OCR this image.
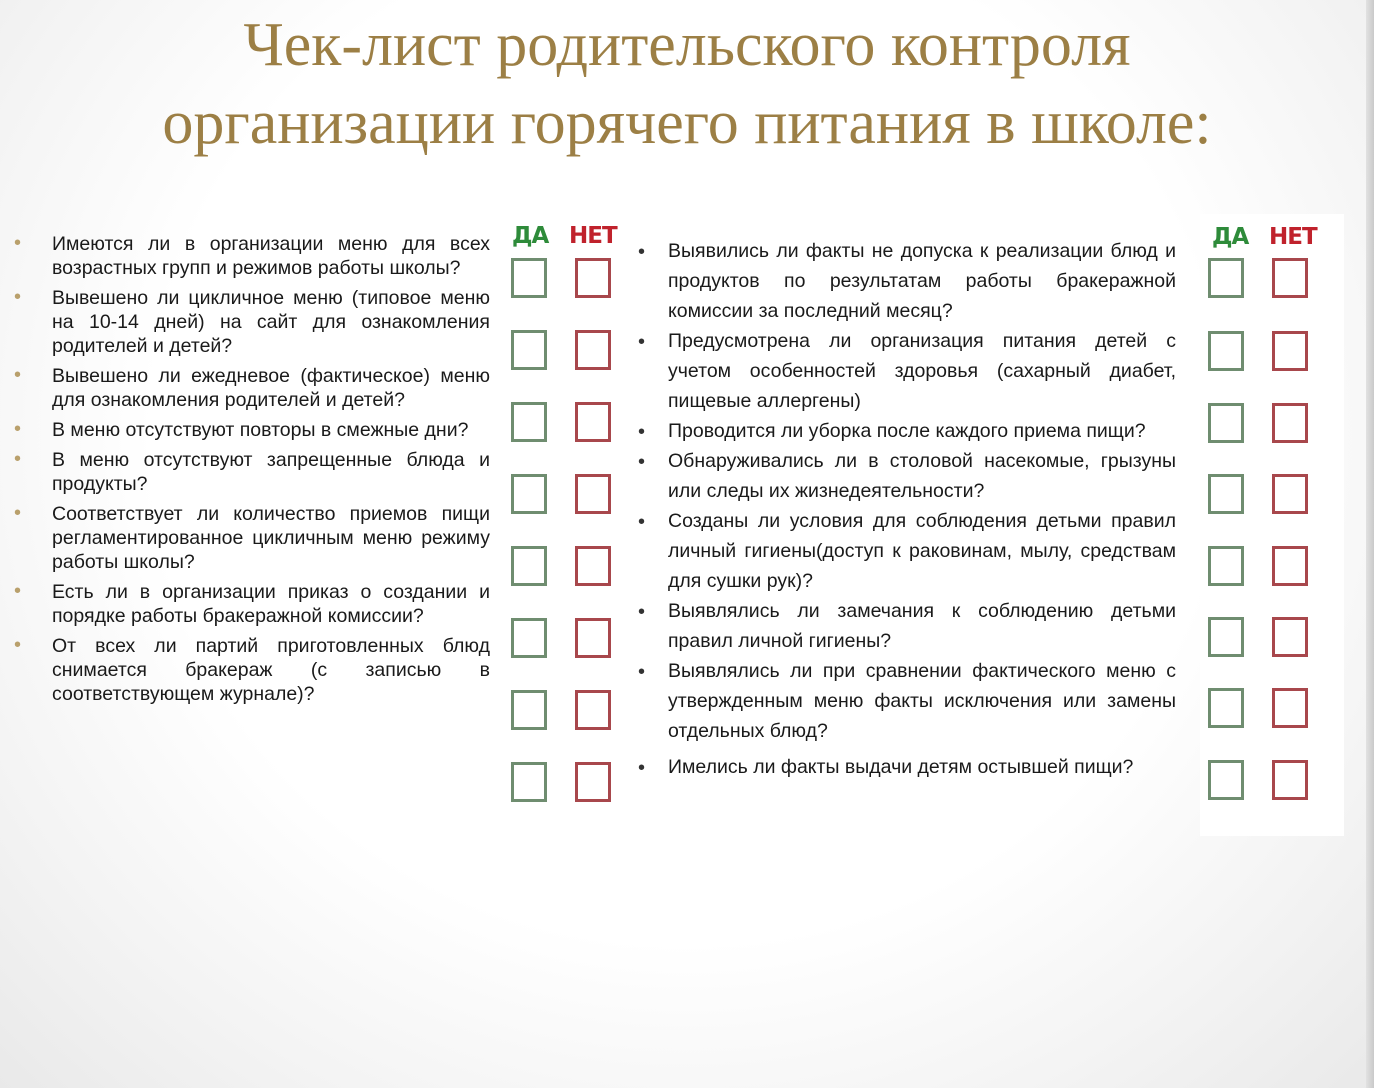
Чек-лист родительского контроля
организации горячего питания в школе:
• Имеются ли в организации меню для всех возрастных групп и режимов работы школы?
• Вывешено ли цикличное меню (типовое меню на 10-14 дней) на сайт для ознакомления родителей и детей?
• Вывешено ли ежедневое (фактическое) меню для ознакомления родителей и детей?
• В меню отсутствуют повторы в смежные дни?
• В меню отсутствуют запрещенные блюда и продукты?
• Соответствует ли количество приемов пищи регламентированное цикличным меню режиму работы школы?
• Есть ли в организации приказ о создании и порядке работы бракеражной комиссии?
• От всех ли партий приготовленных блюд снимается бракераж (с записью в соответствующем журнале)?
ДА НЕТ
• Выявились ли факты не допуска к реализации блюд и продуктов по результатам работы бракеражной комиссии за последний месяц?
• Предусмотрена ли организация питания детей с учетом особенностей здоровья (сахарный диабет, пищевые аллергены)
• Проводится ли уборка после каждого приема пищи?
• Обнаруживались ли в столовой насекомые, грызуны или следы их жизнедеятельности?
• Созданы ли условия для соблюдения детьми правил личный гигиены(доступ к раковинам, мылу, средствам для сушки рук)?
• Выявлялись ли замечания к соблюдению детьми правил личной гигиены?
• Выявлялись ли при сравнении фактического меню с утвержденным меню факты исключения или замены отдельных блюд?
• Имелись ли факты выдачи детям остывшей пищи?
ДА НЕТ
